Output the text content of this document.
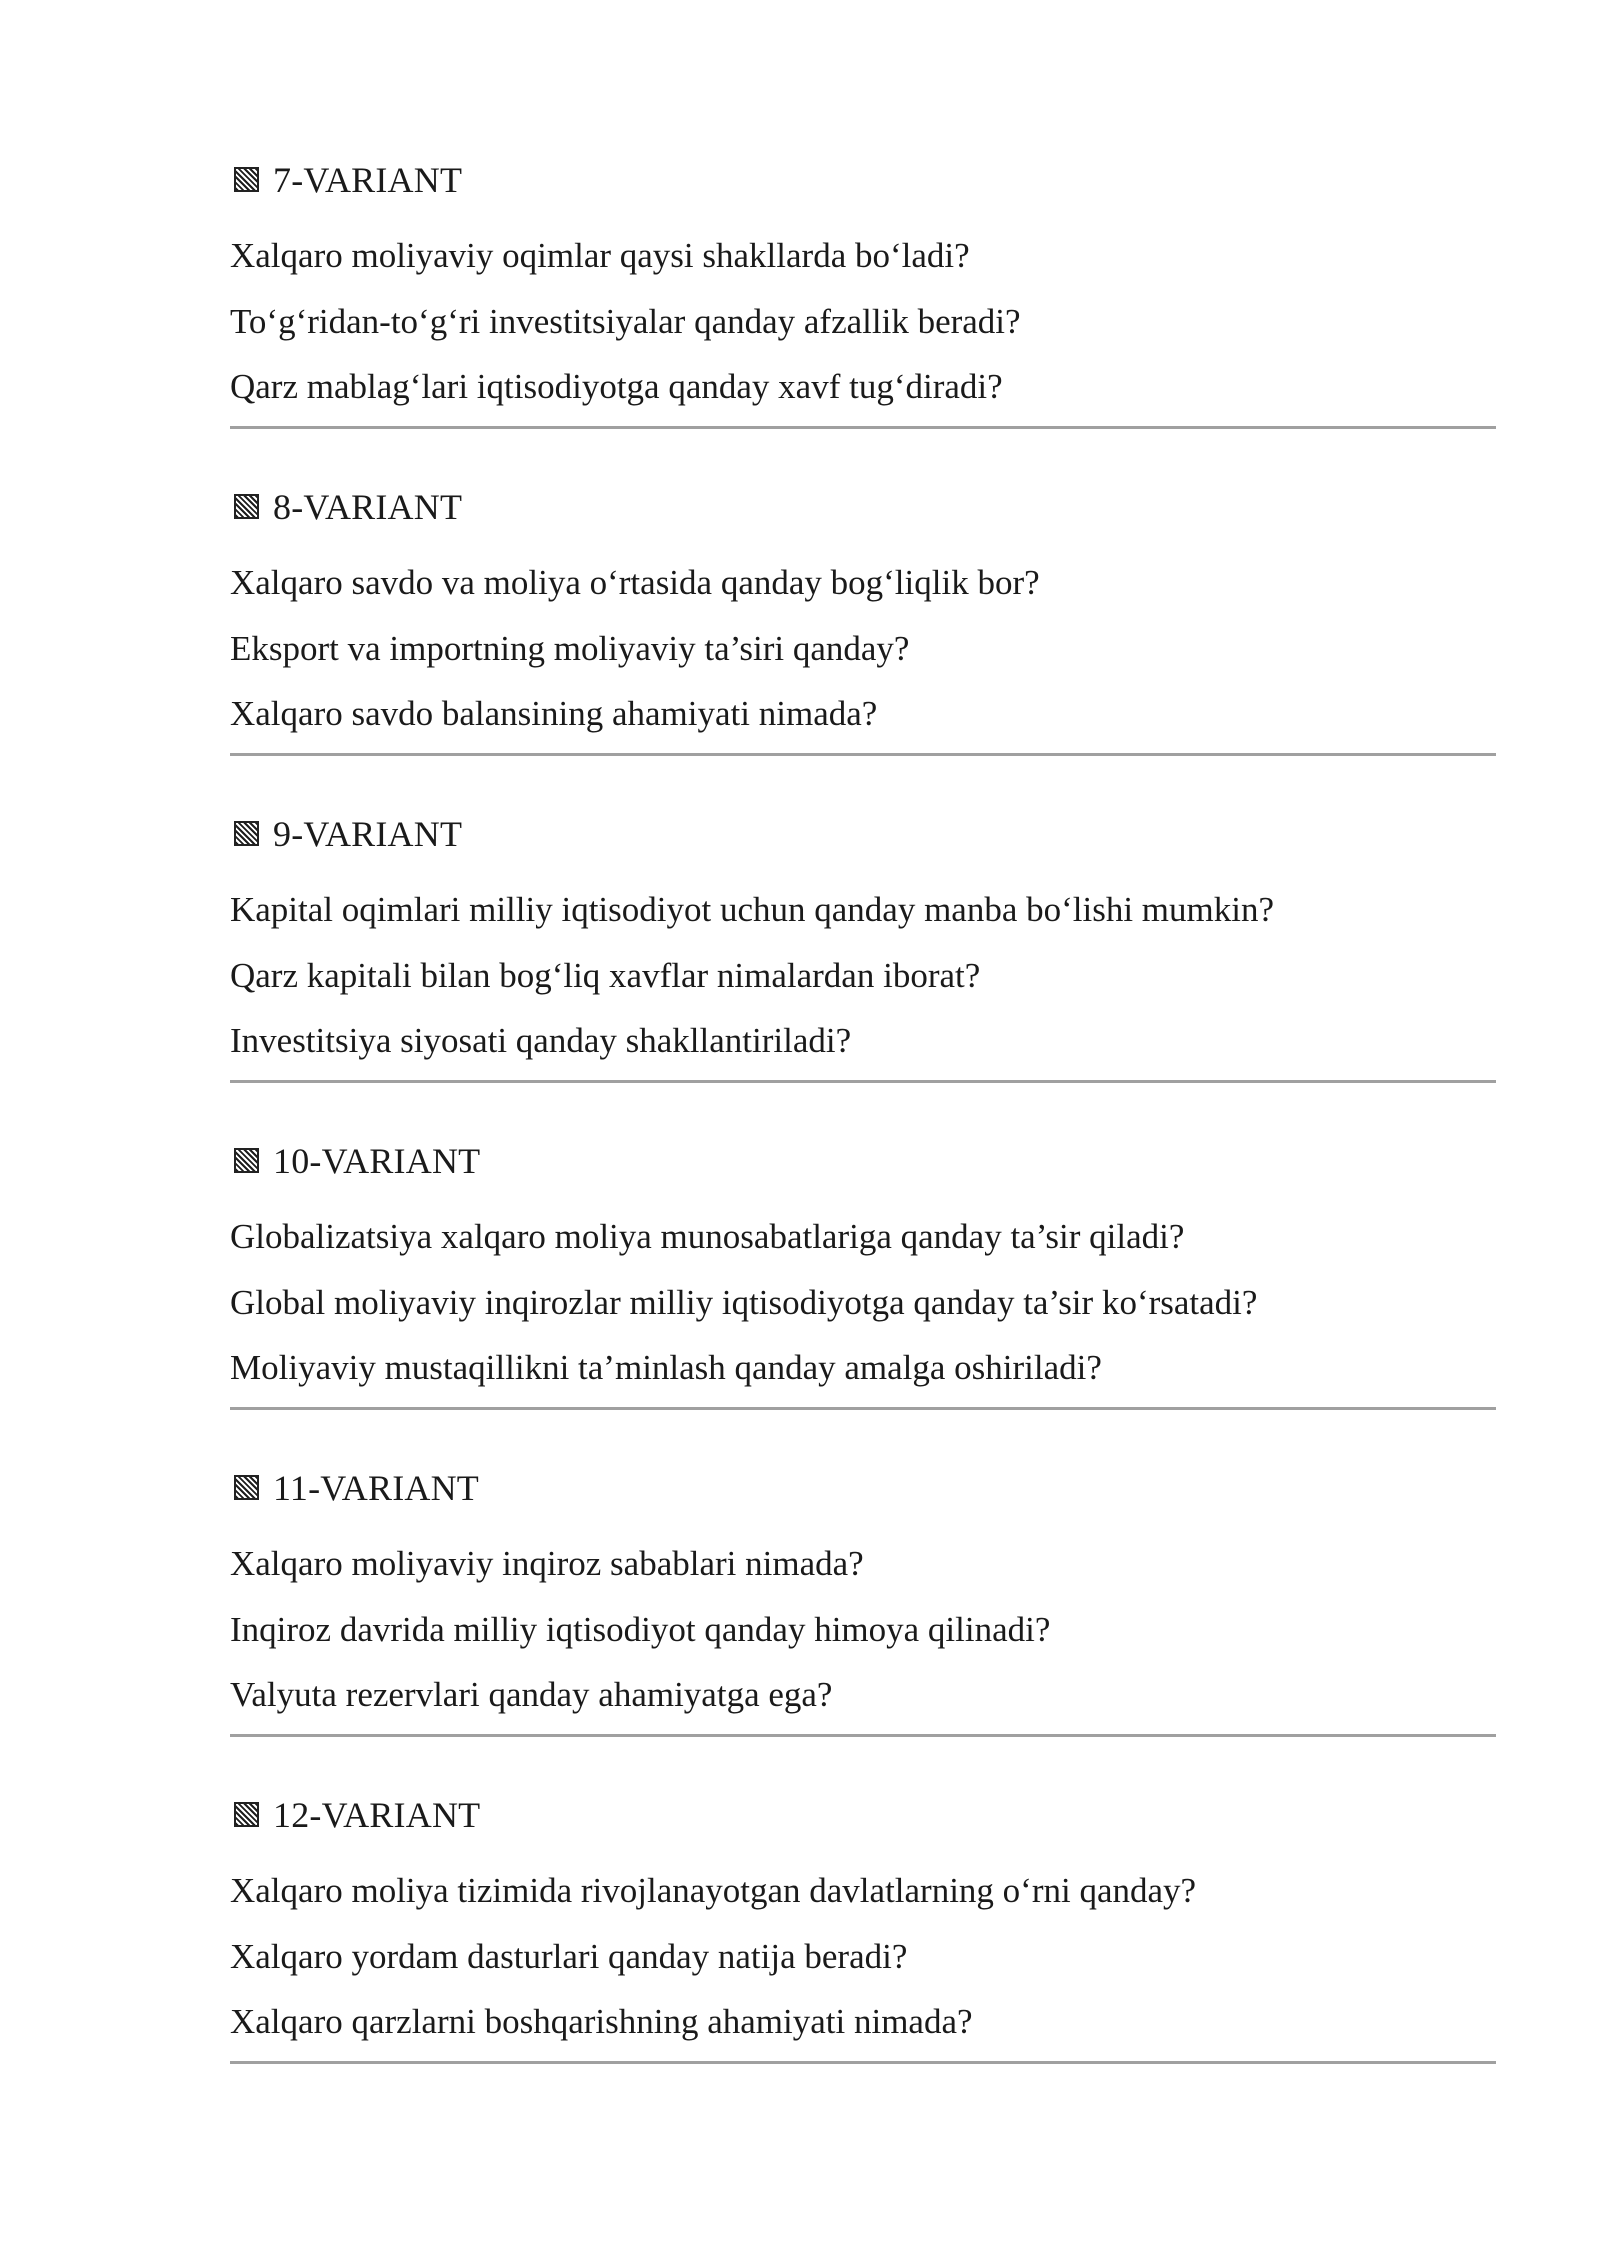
7-VARIANT
Xalqaro moliyaviy oqimlar qaysi shakllarda bo‘ladi?
To‘g‘ridan-to‘g‘ri investitsiyalar qanday afzallik beradi?
Qarz mablag‘lari iqtisodiyotga qanday xavf tug‘diradi?
8-VARIANT
Xalqaro savdo va moliya o‘rtasida qanday bog‘liqlik bor?
Eksport va importning moliyaviy ta’siri qanday?
Xalqaro savdo balansining ahamiyati nimada?
9-VARIANT
Kapital oqimlari milliy iqtisodiyot uchun qanday manba bo‘lishi mumkin?
Qarz kapitali bilan bog‘liq xavflar nimalardan iborat?
Investitsiya siyosati qanday shakllantiriladi?
10-VARIANT
Globalizatsiya xalqaro moliya munosabatlariga qanday ta’sir qiladi?
Global moliyaviy inqirozlar milliy iqtisodiyotga qanday ta’sir ko‘rsatadi?
Moliyaviy mustaqillikni ta’minlash qanday amalga oshiriladi?
11-VARIANT
Xalqaro moliyaviy inqiroz sabablari nimada?
Inqiroz davrida milliy iqtisodiyot qanday himoya qilinadi?
Valyuta rezervlari qanday ahamiyatga ega?
12-VARIANT
Xalqaro moliya tizimida rivojlanayotgan davlatlarning o‘rni qanday?
Xalqaro yordam dasturlari qanday natija beradi?
Xalqaro qarzlarni boshqarishning ahamiyati nimada?
